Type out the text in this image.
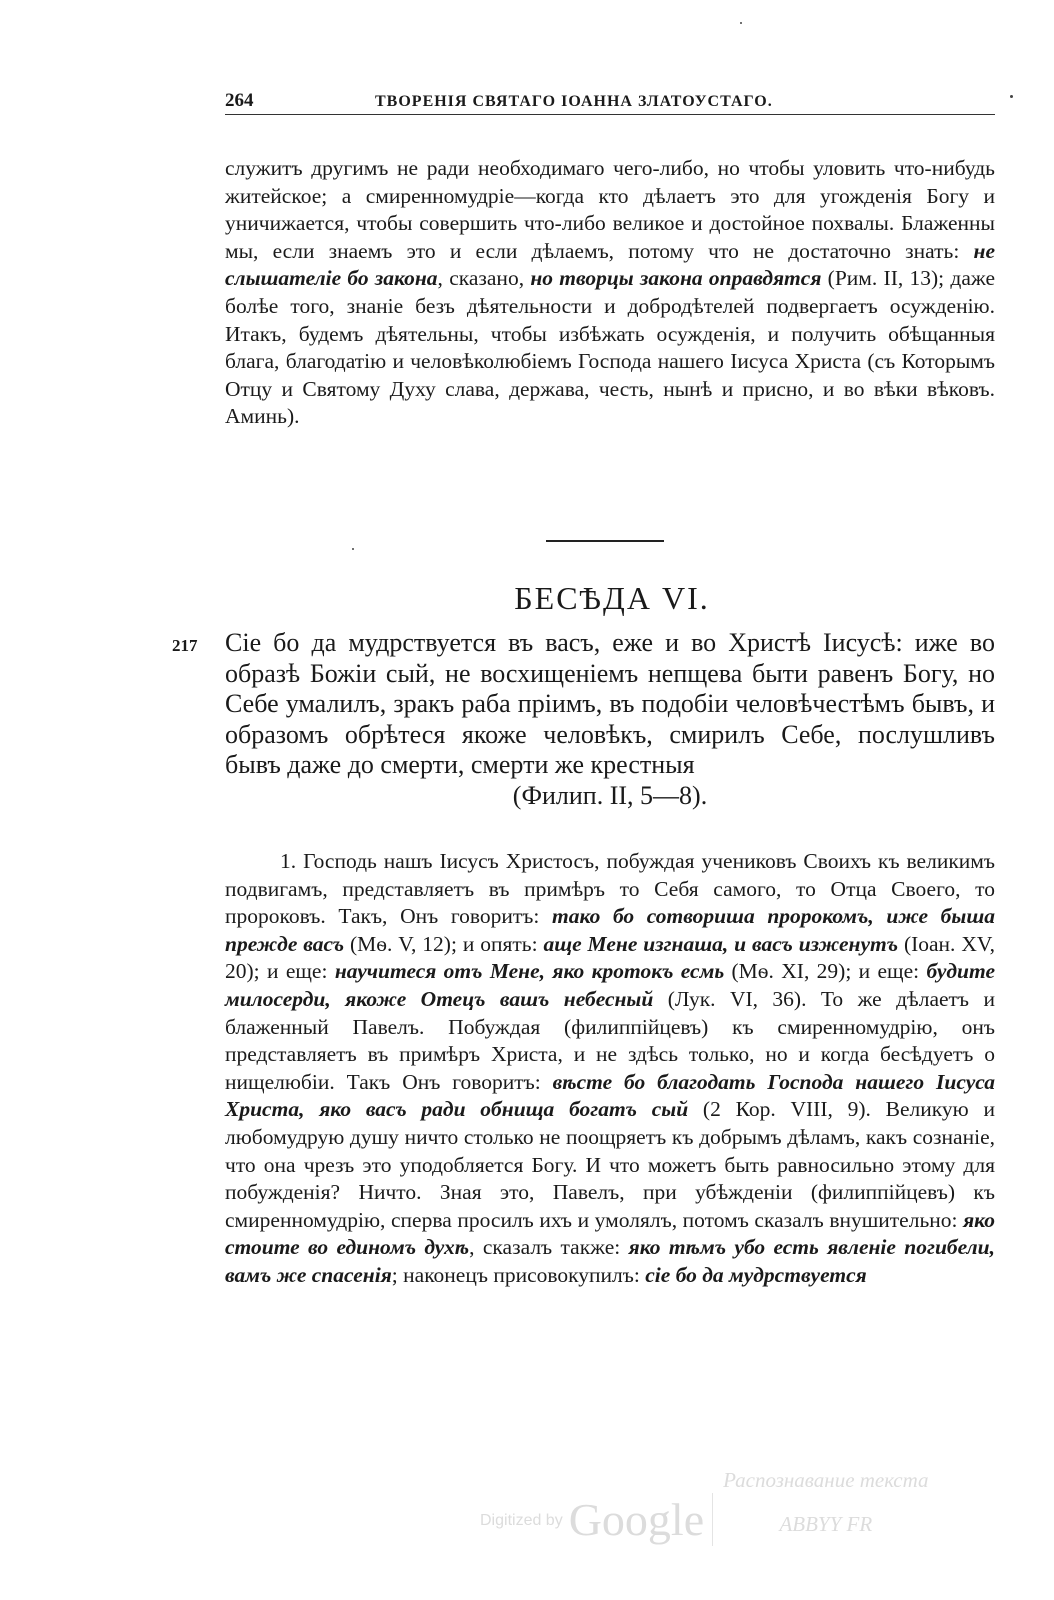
264	ТВОРЕНІЯ СВЯТАГО ІОАННА ЗЛАТОУСТАГО.

служитъ другимъ не ради необходимаго чего-либо, но чтобы уловить что-нибудь житейское; а смиренномудріе—когда кто дѣлаетъ это для угожденія Богу и уничижается, чтобы совершить что-либо великое и достойное похвалы. Блаженны мы, если знаемъ это и если дѣлаемъ, потому что не достаточно знать: не слышателіе бо закона, сказано, но творцы закона оправдятся (Рим. II, 13); даже болѣе того, знаніе безъ дѣятельности и добродѣтелей подвергаетъ осужденію. Итакъ, будемъ дѣятельны, чтобы избѣжать осужденія, и получить обѣщанныя блага, благодатію и человѣколюбіемъ Господа нашего Іисуса Христа (съ Которымъ Отцу и Святому Духу слава, держава, честь, нынѣ и присно, и во вѣки вѣковъ. Аминь).

БЕСѢДА VI.
217 Сіе бо да мудрствуется въ васъ, еже и во Христѣ Іисусѣ: иже во образѣ Божіи сый, не восхищеніемъ непщева быти равенъ Богу, но Себе умалилъ, зракъ раба пріимъ, въ подобіи человѣчестѣмъ бывъ, и образомъ обрѣтеся якоже человѣкъ, смирилъ Себе, послушливъ бывъ даже до смерти, смерти же крестныя
(Филип. II, 5—8).

1. Господь нашъ Іисусъ Христосъ, побуждая учениковъ Своихъ къ великимъ подвигамъ, представляетъ въ примѣръ то Себя самого, то Отца Своего, то пророковъ. Такъ, Онъ говоритъ: тако бо сотвориша пророкомъ, иже быша прежде васъ (Мѳ. V, 12); и опять: аще Мене изгнаша, и васъ изженутъ (Іоан. XV, 20); и еще: научитеся отъ Мене, яко кротокъ есмь (Мѳ. XI, 29); и еще: будите милосерди, якоже Отецъ вашъ небесный (Лук. VI, 36). То же дѣлаетъ и блаженный Павелъ. Побуждая (филиппійцевъ) къ смиренномудрію, онъ представляетъ въ примѣръ Христа, и не здѣсь только, но и когда бесѣдуетъ о нищелюбіи. Такъ Онъ говоритъ: вѣсте бо благодать Господа нашего Іисуса Христа, яко васъ ради обнища богатъ сый (2 Кор. VIII, 9). Великую и любомудрую душу ничто столько не поощряетъ къ добрымъ дѣламъ, какъ сознаніе, что она чрезъ это уподобляется Богу. И что можетъ быть равносильно этому для побужденія? Ничто. Зная это, Павелъ, при убѣжденіи (филиппійцевъ) къ смиренномудрію, сперва просилъ ихъ и умолялъ, потомъ сказалъ внушительно: яко стоите во единомъ духѣ, сказалъ также: яко тѣмъ убо есть явленіе погибели, вамъ же спасенія; наконецъ присовокупилъ: сіе бо да мудрствуется

Digitized by Google
Распознавание текста
ABBYY FR
